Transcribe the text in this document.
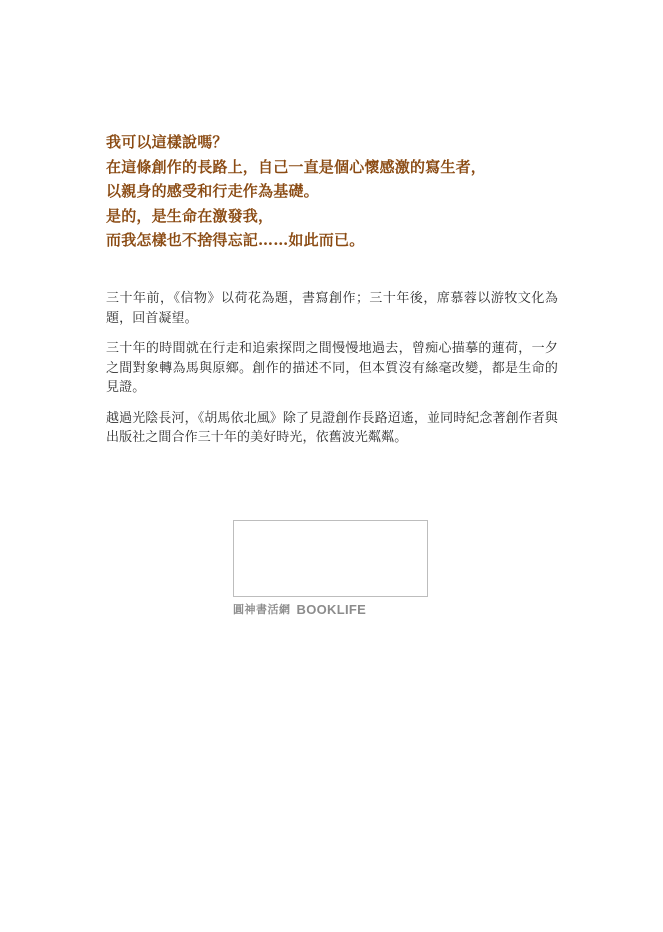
我可以這樣說嗎？
在這條創作的長路上，自己一直是個心懷感激的寫生者，
以親身的感受和行走作為基礎。
是的，是生命在激發我，
而我怎樣也不捨得忘記……如此而已。

三十年前，《信物》以荷花為題，書寫創作；三十年後，席慕蓉以游牧文化為題，回首凝望。

三十年的時間就在行走和追索探問之間慢慢地過去，曾痴心描摹的蓮荷，一夕之間對象轉為馬與原鄉。創作的描述不同，但本質沒有絲毫改變，都是生命的見證。

越過光陰長河，《胡馬依北風》除了見證創作長路迢遙，並同時紀念著創作者與出版社之間合作三十年的美好時光，依舊波光粼粼。

圓神書活網 BOOKLIFE
